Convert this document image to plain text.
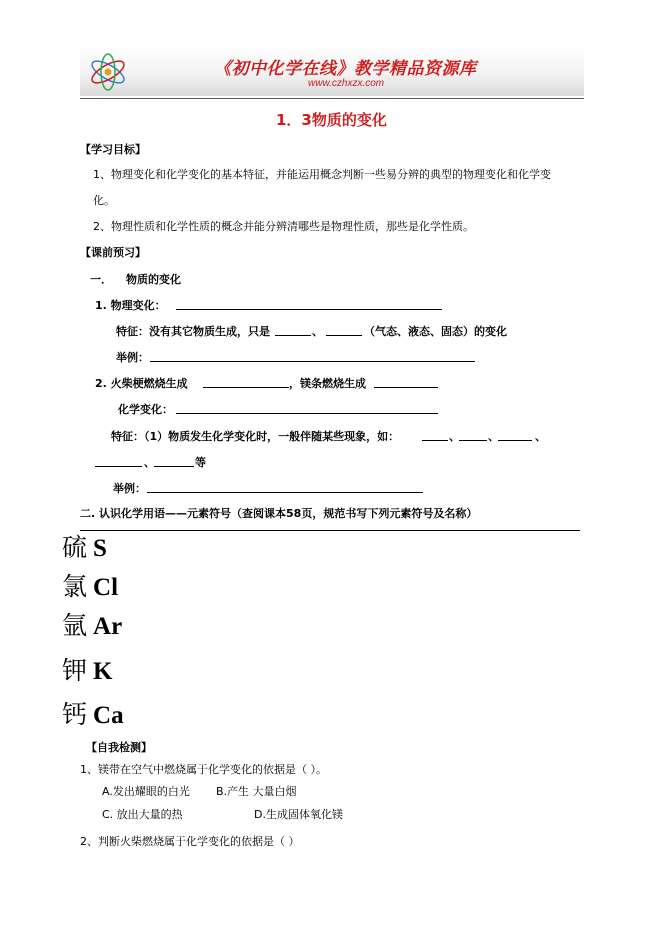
《初中化学在线》教学精品资源库
www.czhxzx.com
1．3物质的变化
【学习目标】
1、物理变化和化学变化的基本特征，并能运用概念判断一些易分辨的典型的物理变化和化学变
化。
2、物理性质和化学性质的概念并能分辨清哪些是物理性质，那些是化学性质。
【课前预习】
一． 物质的变化
1. 物理变化：
特征：没有其它物质生成，只是	、	（气态、液态、固态）的变化
举例：
2. 火柴梗燃烧生成	，镁条燃烧生成
化学变化：
特征：（1）物质发生化学变化时，一般伴随某些现象，如：	、	、	、
、	等
举例：
二. 认识化学用语——元素符号（查阅课本58页，规范书写下列元素符号及名称）
硫 S
氯 Cl
氩 Ar
钾 K
钙 Ca
【自我检测】
1、镁带在空气中燃烧属于化学变化的依据是（ ）。
A.发出耀眼的白光 B.产生 大量白烟
C. 放出大量的热	D.生成固体氧化镁
2、判断火柴燃烧属于化学变化的依据是（ ）
